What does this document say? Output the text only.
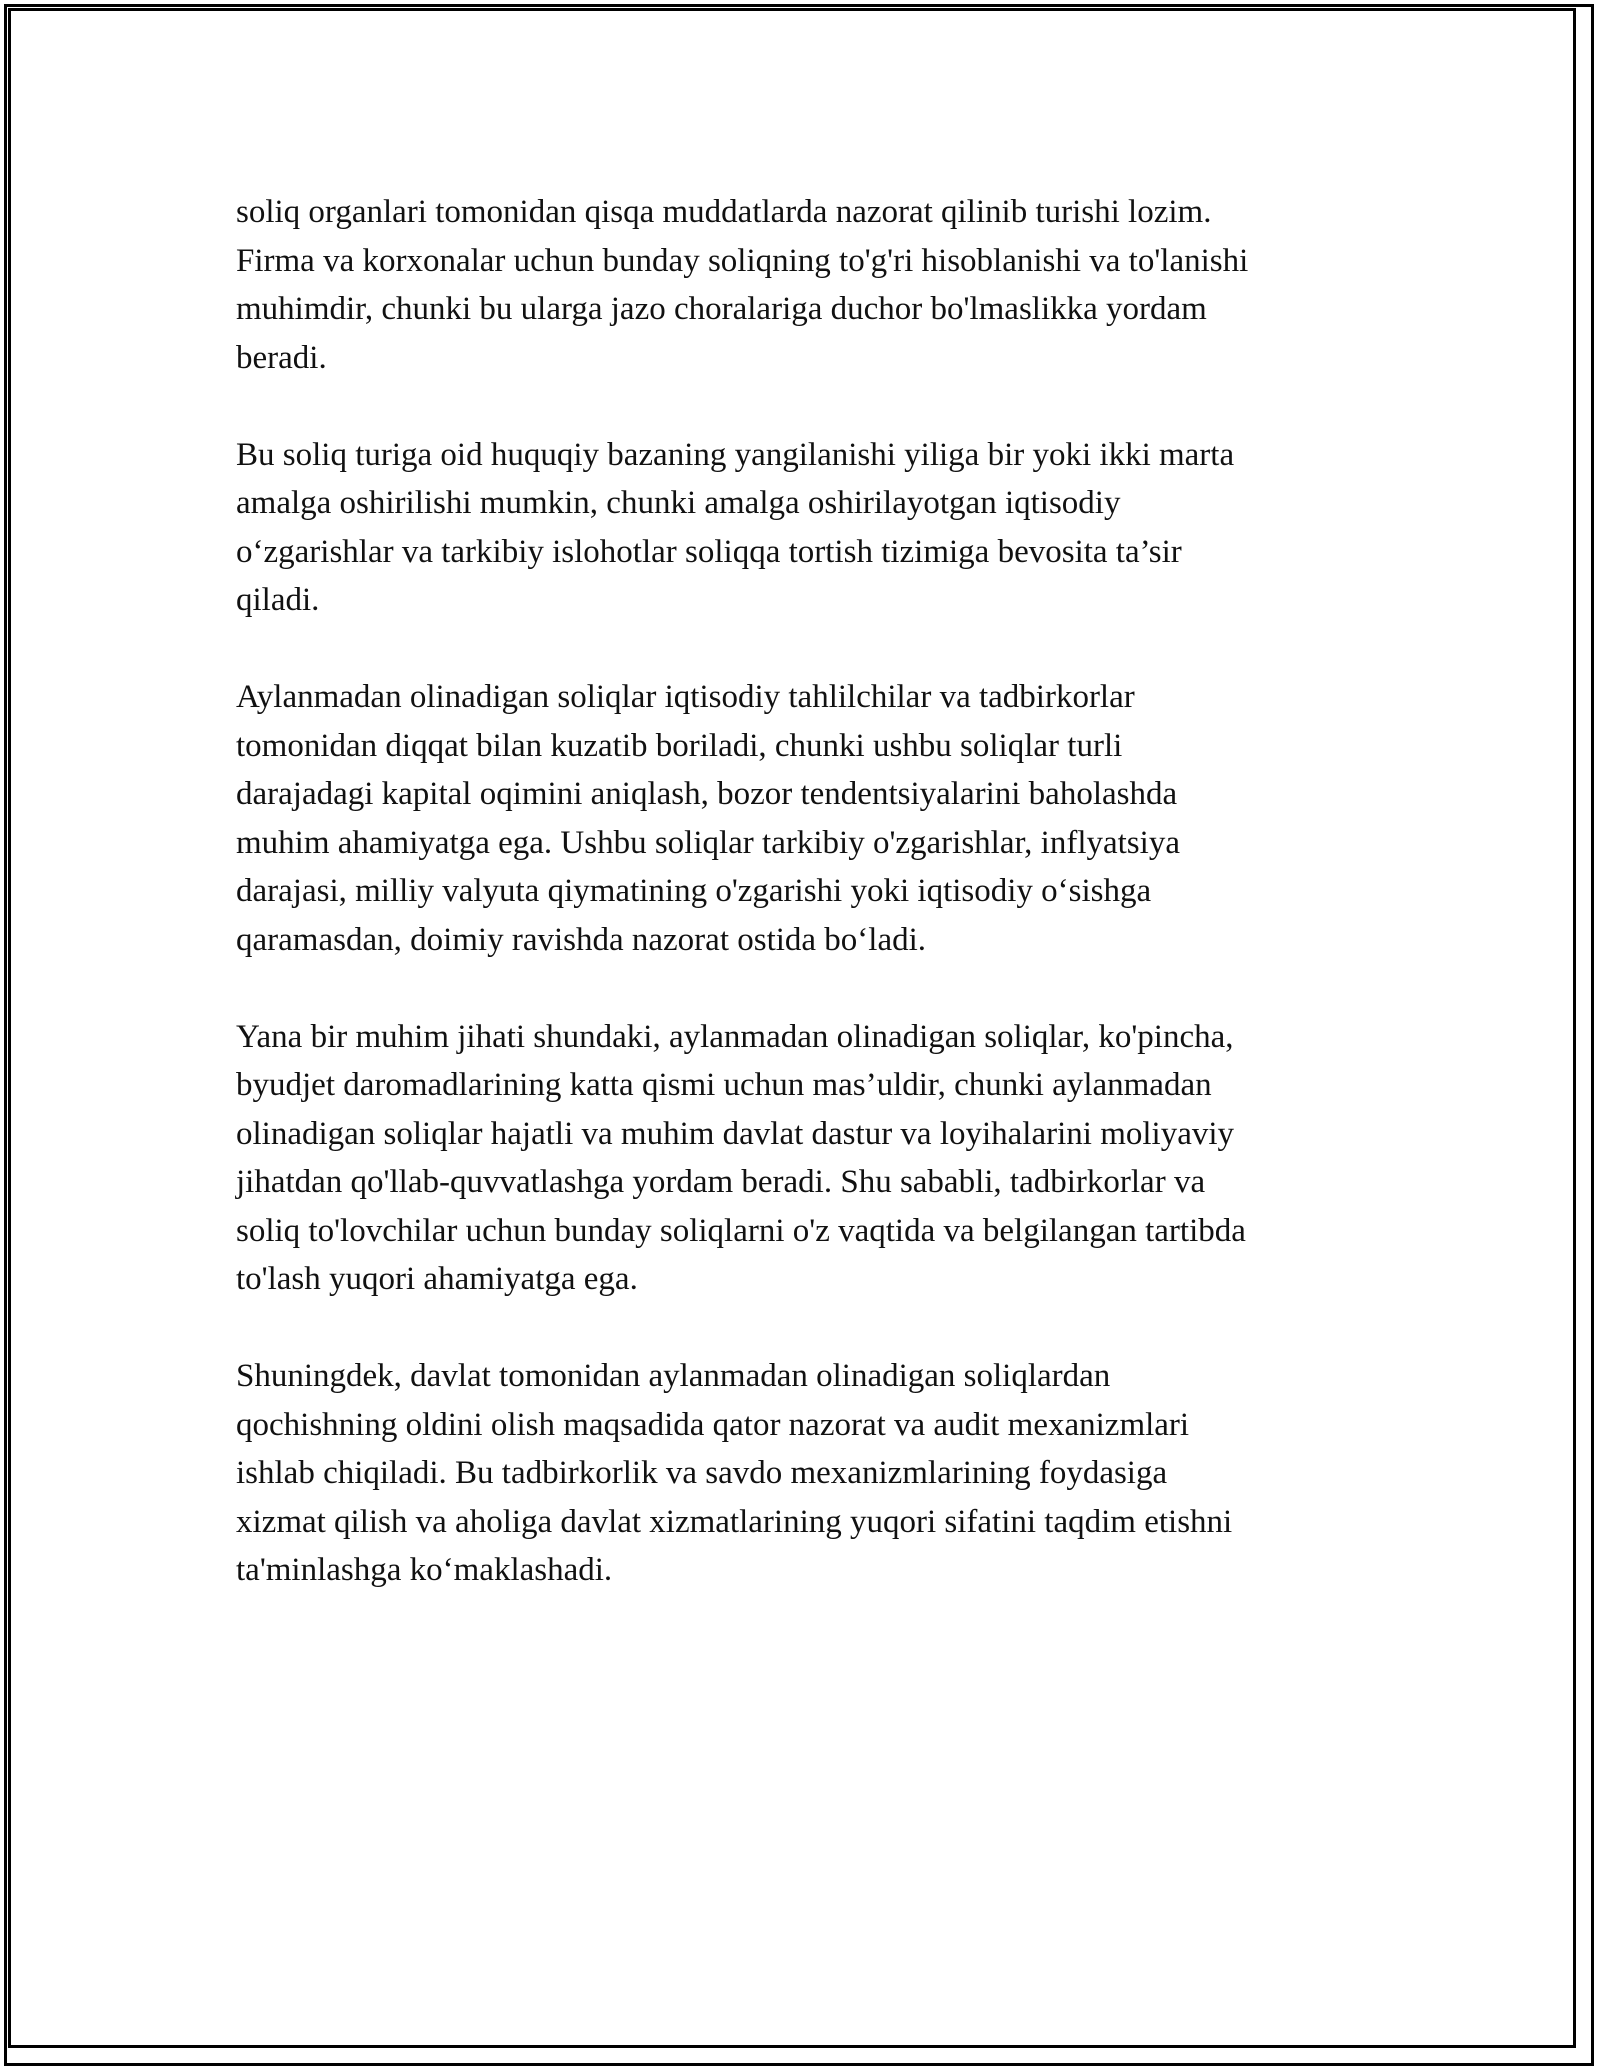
soliq organlari tomonidan qisqa muddatlarda nazorat qilinib turishi lozim.
Firma va korxonalar uchun bunday soliqning to'g'ri hisoblanishi va to'lanishi
muhimdir, chunki bu ularga jazo choralariga duchor bo'lmaslikka yordam
beradi.

Bu soliq turiga oid huquqiy bazaning yangilanishi yiliga bir yoki ikki marta
amalga oshirilishi mumkin, chunki amalga oshirilayotgan iqtisodiy
o‘zgarishlar va tarkibiy islohotlar soliqqa tortish tizimiga bevosita ta’sir
qiladi.

Aylanmadan olinadigan soliqlar iqtisodiy tahlilchilar va tadbirkorlar
tomonidan diqqat bilan kuzatib boriladi, chunki ushbu soliqlar turli
darajadagi kapital oqimini aniqlash, bozor tendentsiyalarini baholashda
muhim ahamiyatga ega. Ushbu soliqlar tarkibiy o'zgarishlar, inflyatsiya
darajasi, milliy valyuta qiymatining o'zgarishi yoki iqtisodiy o‘sishga
qaramasdan, doimiy ravishda nazorat ostida bo‘ladi.

Yana bir muhim jihati shundaki, aylanmadan olinadigan soliqlar, ko'pincha,
byudjet daromadlarining katta qismi uchun mas’uldir, chunki aylanmadan
olinadigan soliqlar hajatli va muhim davlat dastur va loyihalarini moliyaviy
jihatdan qo'llab-quvvatlashga yordam beradi. Shu sababli, tadbirkorlar va
soliq to'lovchilar uchun bunday soliqlarni o'z vaqtida va belgilangan tartibda
to'lash yuqori ahamiyatga ega.

Shuningdek, davlat tomonidan aylanmadan olinadigan soliqlardan
qochishning oldini olish maqsadida qator nazorat va audit mexanizmlari
ishlab chiqiladi. Bu tadbirkorlik va savdo mexanizmlarining foydasiga
xizmat qilish va aholiga davlat xizmatlarining yuqori sifatini taqdim etishni
ta'minlashga ko‘maklashadi.
